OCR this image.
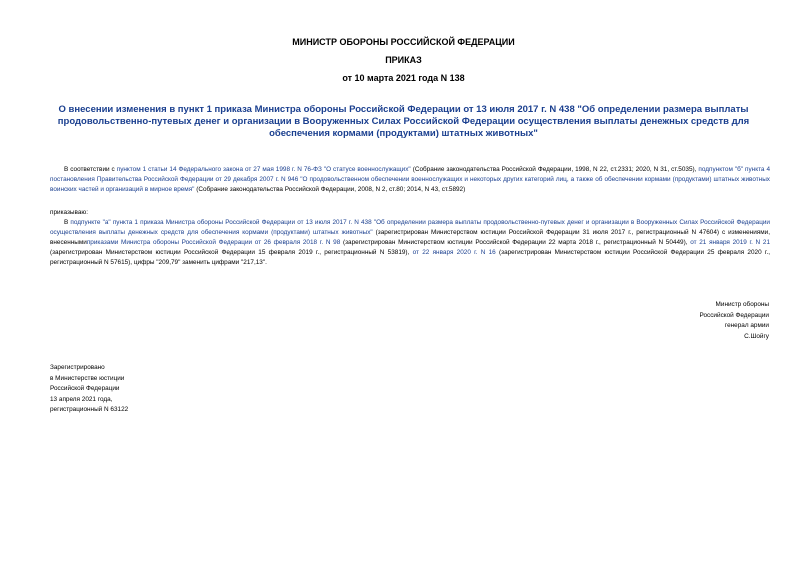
МИНИСТР ОБОРОНЫ РОССИЙСКОЙ ФЕДЕРАЦИИ
ПРИКАЗ
от 10 марта 2021 года N 138
О внесении изменения в пункт 1 приказа Министра обороны Российской Федерации от 13 июля 2017 г. N 438 "Об определении размера выплаты продовольственно-путевых денег и организации в Вооруженных Силах Российской Федерации осуществления выплаты денежных средств для обеспечения кормами (продуктами) штатных животных"
В соответствии с пунктом 1 статьи 14 Федерального закона от 27 мая 1998 г. N 76-ФЗ "О статусе военнослужащих" (Собрание законодательства Российской Федерации, 1998, N 22, ст.2331; 2020, N 31, ст.5035), подпунктом "б" пункта 4 постановления Правительства Российской Федерации от 29 декабря 2007 г. N 946 "О продовольственном обеспечении военнослужащих и некоторых других категорий лиц, а также об обеспечении кормами (продуктами) штатных животных воинских частей и организаций в мирное время" (Собрание законодательства Российской Федерации, 2008, N 2, ст.80; 2014, N 43, ст.5892)
приказываю:
В подпункте "а" пункта 1 приказа Министра обороны Российской Федерации от 13 июля 2017 г. N 438 "Об определении размера выплаты продовольственно-путевых денег и организации в Вооруженных Силах Российской Федерации осуществления выплаты денежных средств для обеспечения кормами (продуктами) штатных животных" (зарегистрирован Министерством юстиции Российской Федерации 31 июля 2017 г., регистрационный N 47604) с изменениями, внесеннымиприказами Министра обороны Российской Федерации от 26 февраля 2018 г. N 98 (зарегистрирован Министерством юстиции Российской Федерации 22 марта 2018 г., регистрационный N 50449), от 21 января 2019 г. N 21 (зарегистрирован Министерством юстиции Российской Федерации 15 февраля 2019 г., регистрационный N 53819), от 22 января 2020 г. N 16 (зарегистрирован Министерством юстиции Российской Федерации 25 февраля 2020 г., регистрационный N 57615), цифры "209,79" заменить цифрами "217,13".
Министр обороны
Российской Федерации
генерал армии
С.Шойгу
Зарегистрировано
в Министерстве юстиции
Российской Федерации
13 апреля 2021 года,
регистрационный N 63122
